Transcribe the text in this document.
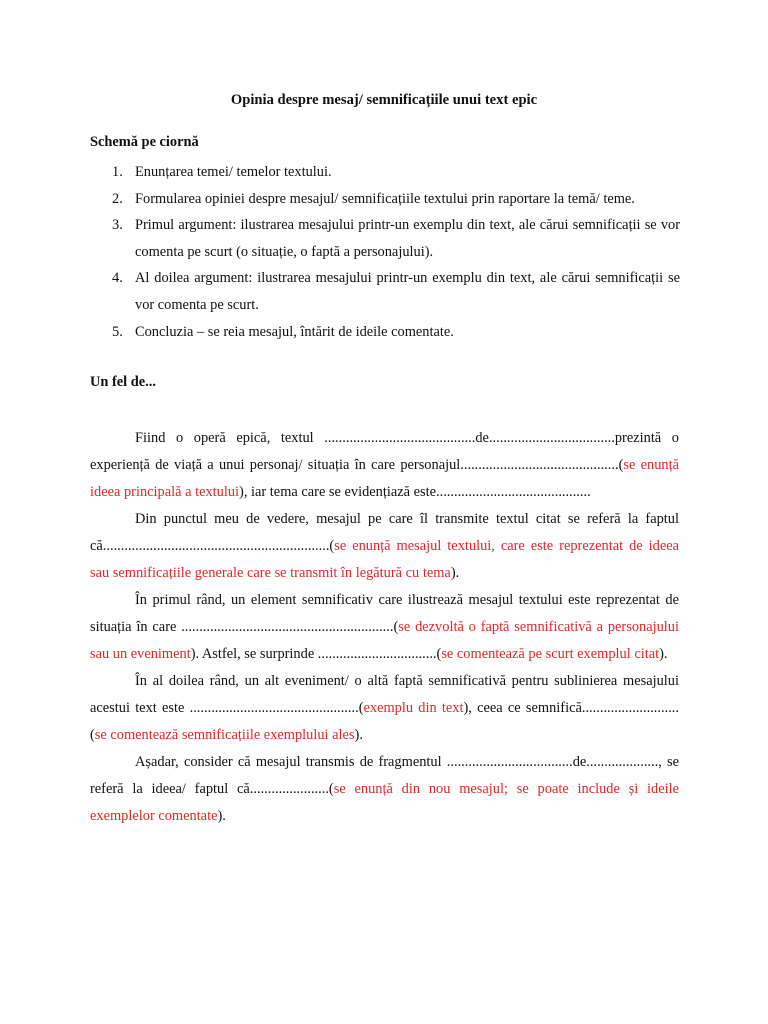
Opinia despre mesaj/ semnificațiile unui text epic
Schemă pe ciornă
1. Enunțarea temei/ temelor textului.
2. Formularea opiniei despre mesajul/ semnificațiile textului prin raportare la temă/ teme.
3. Primul argument: ilustrarea mesajului printr-un exemplu din text, ale cărui semnificații se vor comenta pe scurt (o situație, o faptă a personajului).
4. Al doilea argument: ilustrarea mesajului printr-un exemplu din text, ale cărui semnificații se vor comenta pe scurt.
5. Concluzia – se reia mesajul, întărit de ideile comentate.
Un fel de...

Fiind o operă epică, textul ..........................................de...................................prezintă o experiență de viață a unui personaj/ situația în care personajul............................................(se enunță ideea principală a textului), iar tema care se evidențiază este...........................................

Din punctul meu de vedere, mesajul pe care îl transmite textul citat se referă la faptul că...............................................................(se enunță mesajul textului, care este reprezentat de ideea sau semnificațiile generale care se transmit în legătură cu tema).

În primul rând, un element semnificativ care ilustrează mesajul textului este reprezentat de situația în care ...........................................................(se dezvoltă o faptă semnificativă a personajului sau un eveniment). Astfel, se surprinde .................................(se comentează pe scurt exemplul citat).

În al doilea rând, un alt eveniment/ o altă faptă semnificativă pentru sublinierea mesajului acestui text este ...............................................(exemplu din text), ceea ce semnifică...........................(se comentează semnificațiile exemplului ales).

Așadar, consider că mesajul transmis de fragmentul ...................................de...................., se referă la ideea/ faptul că......................(se enunță din nou mesajul; se poate include și ideile exemplelor comentate).
